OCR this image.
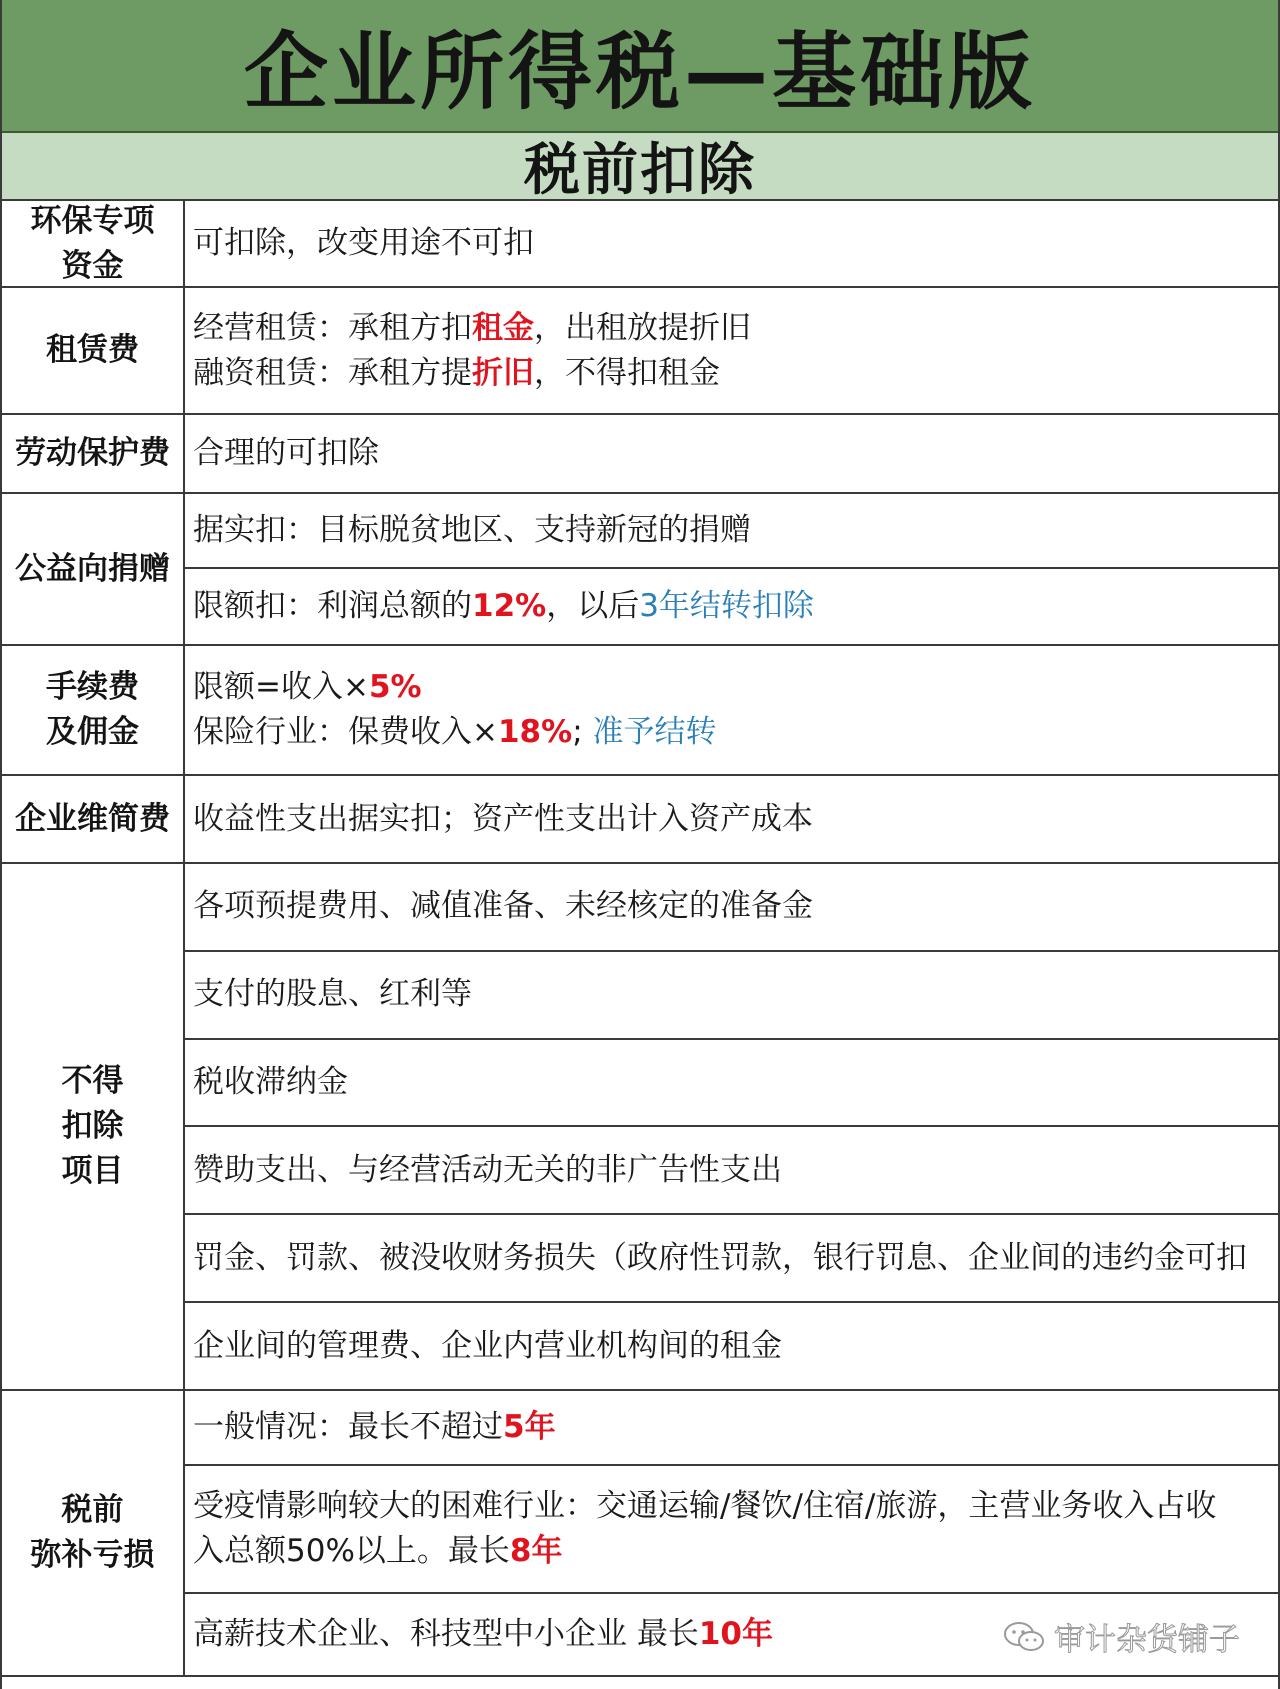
企业所得税—基础版
税前扣除
环保专项
资金
可扣除，改变用途不可扣
租赁费
经营租赁：承租方扣租金，出租放提折旧
融资租赁：承租方提折旧，不得扣租金
劳动保护费 合理的可扣除
公益向捐赠
据实扣：目标脱贫地区、支持新冠的捐赠
限额扣：利润总额的12%，以后3年结转扣除
手续费
及佣金
限额=收入×5%
保险行业：保费收入×18%; 准予结转
企业维简费 收益性支出据实扣；资产性支出计入资产成本
不得
扣除
项目
各项预提费用、减值准备、未经核定的准备金
支付的股息、红利等
税收滞纳金
赞助支出、与经营活动无关的非广告性支出
罚金、罚款、被没收财务损失（政府性罚款，银行罚息、企业间的违约金可扣
企业间的管理费、企业内营业机构间的租金
税前
弥补亏损
一般情况：最长不超过5年
受疫情影响较大的困难行业：交通运输/餐饮/住宿/旅游，主营业务收入占收
入总额50%以上。最长8年
高薪技术企业、科技型中小企业 最长10年	审计杂货铺子
